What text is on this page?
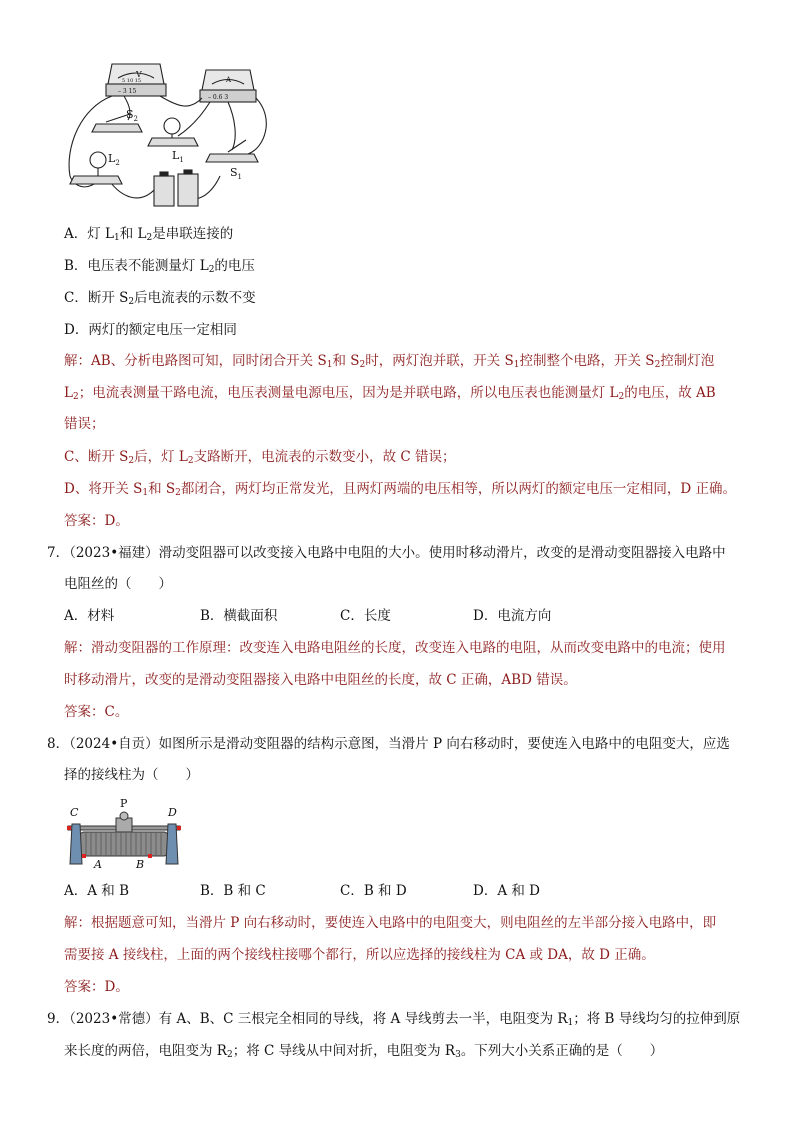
V
5 10 15
– 3 15
A
– 0.6 3
$S_2$
$L_1$
$L_2$
$S_1$
A．灯 $L_1$和 $L_2$是串联连接的
B．电压表不能测量灯 $L_2$的电压
C．断开 $S_2$后电流表的示数不变
D．两灯的额定电压一定相同
解：AB、分析电路图可知，同时闭合开关 $S_1$和 $S_2$时，两灯泡并联，开关 $S_1$控制整个电路，开关 $S_2$控制灯泡
$L_2$；电流表测量干路电流，电压表测量电源电压，因为是并联电路，所以电压表也能测量灯 $L_2$的电压，故 AB
错误；
C、断开 $S_2$后，灯 $L_2$支路断开，电流表的示数变小，故 C 错误；
D、将开关 $S_1$和 $S_2$都闭合，两灯均正常发光，且两灯两端的电压相等，所以两灯的额定电压一定相同，D 正确。
答案：D。
7．（2023•福建）滑动变阻器可以改变接入电路中电阻的大小。使用时移动滑片，改变的是滑动变阻器接入电路中
电阻丝的（　　）
A．材料	B．横截面积	C．长度	D．电流方向
解：滑动变阻器的工作原理：改变连入电路电阻丝的长度，改变连入电路的电阻，从而改变电路中的电流；使用
时移动滑片，改变的是滑动变阻器接入电路中电阻丝的长度，故 C 正确，ABD 错误。
答案：C。
8．（2024•自贡）如图所示是滑动变阻器的结构示意图，当滑片 P 向右移动时，要使连入电路中的电阻变大，应选
择的接线柱为（　　）
C
P
D
A	B
A．A 和 B	B．B 和 C	C．B 和 D	D．A 和 D
解：根据题意可知，当滑片 P 向右移动时，要使连入电路中的电阻变大，则电阻丝的左半部分接入电路中，即
需要接 A 接线柱，上面的两个接线柱接哪个都行，所以应选择的接线柱为 CA 或 DA，故 D 正确。
答案：D。
9．（2023•常德）有 A、B、C 三根完全相同的导线，将 A 导线剪去一半，电阻变为 $R_1$；将 B 导线均匀的拉伸到原
来长度的两倍，电阻变为 $R_2$；将 C 导线从中间对折，电阻变为 $R_3$。下列大小关系正确的是（　　）
